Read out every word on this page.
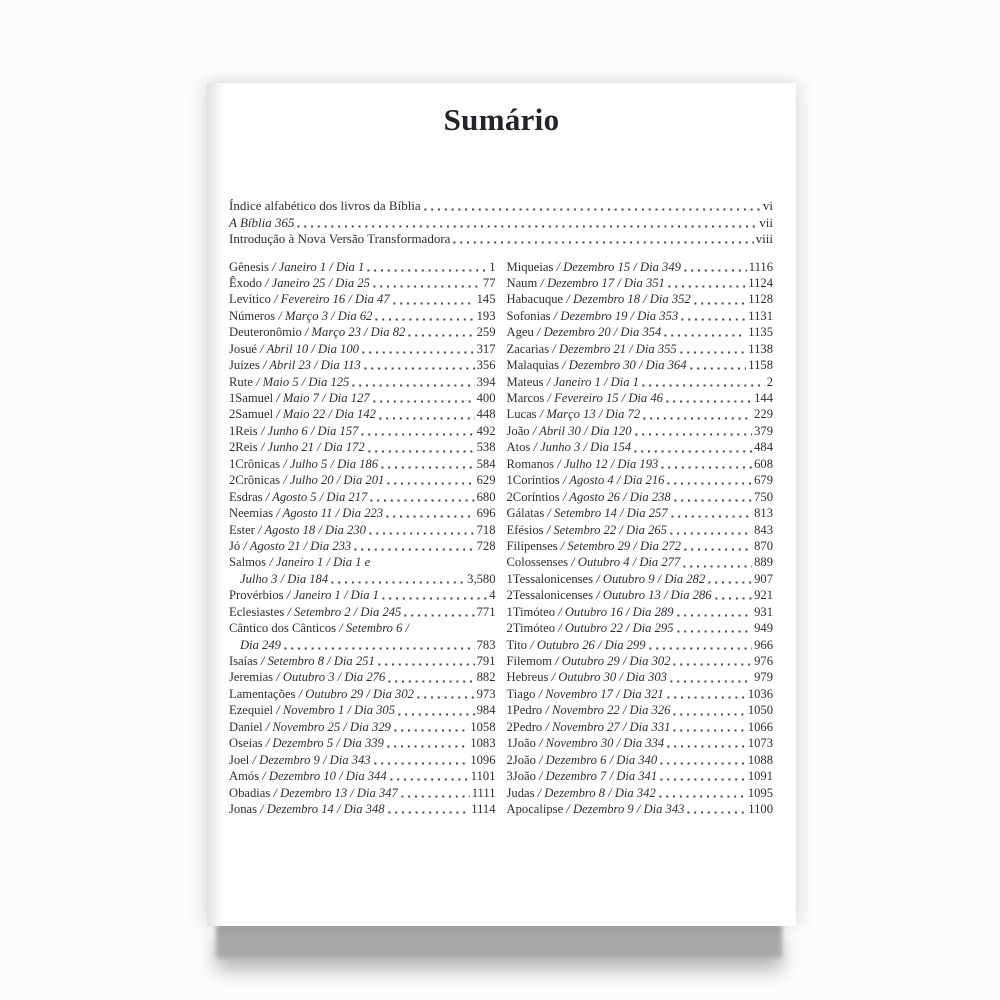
Sumário
Índice alfabético dos livros da Bíblia	vi
A Bíblia 365	vii
Introdução à Nova Versão Transformadora	viii
Gênesis / Janeiro 1 / Dia 1	1
Êxodo / Janeiro 25 / Dia 25	77
Levítico / Fevereiro 16 / Dia 47	145
Números / Março 3 / Dia 62	193
Deuteronômio / Março 23 / Dia 82	259
Josué / Abril 10 / Dia 100	317
Juízes / Abril 23 / Dia 113	356
Rute / Maio 5 / Dia 125	394
1Samuel / Maio 7 / Dia 127	400
2Samuel / Maio 22 / Dia 142	448
1Reis / Junho 6 / Dia 157	492
2Reis / Junho 21 / Dia 172	538
1Crônicas / Julho 5 / Dia 186	584
2Crônicas / Julho 20 / Dia 201	629
Esdras / Agosto 5 / Dia 217	680
Neemias / Agosto 11 / Dia 223	696
Ester / Agosto 18 / Dia 230	718
Jó / Agosto 21 / Dia 233	728
Salmos / Janeiro 1 / Dia 1 e
Julho 3 / Dia 184	3,580
Provérbios / Janeiro 1 / Dia 1	4
Eclesiastes / Setembro 2 / Dia 245	771
Cântico dos Cânticos / Setembro 6 /
Dia 249	783
Isaías / Setembro 8 / Dia 251	791
Jeremias / Outubro 3 / Dia 276	882
Lamentações / Outubro 29 / Dia 302	973
Ezequiel / Novembro 1 / Dia 305	984
Daniel / Novembro 25 / Dia 329	1058
Oseias / Dezembro 5 / Dia 339	1083
Joel / Dezembro 9 / Dia 343	1096
Amós / Dezembro 10 / Dia 344	1101
Obadias / Dezembro 13 / Dia 347	1111
Jonas / Dezembro 14 / Dia 348	1114
Miqueias / Dezembro 15 / Dia 349	1116
Naum / Dezembro 17 / Dia 351	1124
Habacuque / Dezembro 18 / Dia 352	1128
Sofonias / Dezembro 19 / Dia 353	1131
Ageu / Dezembro 20 / Dia 354	1135
Zacarias / Dezembro 21 / Dia 355	1138
Malaquias / Dezembro 30 / Dia 364	1158
Mateus / Janeiro 1 / Dia 1	2
Marcos / Fevereiro 15 / Dia 46	144
Lucas / Março 13 / Dia 72	229
João / Abril 30 / Dia 120	379
Atos / Junho 3 / Dia 154	484
Romanos / Julho 12 / Dia 193	608
1Coríntios / Agosto 4 / Dia 216	679
2Coríntios / Agosto 26 / Dia 238	750
Gálatas / Setembro 14 / Dia 257	813
Efésios / Setembro 22 / Dia 265	843
Filipenses / Setembro 29 / Dia 272	870
Colossenses / Outubro 4 / Dia 277	889
1Tessalonicenses / Outubro 9 / Dia 282	907
2Tessalonicenses / Outubro 13 / Dia 286	921
1Timóteo / Outubro 16 / Dia 289	931
2Timóteo / Outubro 22 / Dia 295	949
Tito / Outubro 26 / Dia 299	966
Filemom / Outubro 29 / Dia 302	976
Hebreus / Outubro 30 / Dia 303	979
Tiago / Novembro 17 / Dia 321	1036
1Pedro / Novembro 22 / Dia 326	1050
2Pedro / Novembro 27 / Dia 331	1066
1João / Novembro 30 / Dia 334	1073
2João / Dezembro 6 / Dia 340	1088
3João / Dezembro 7 / Dia 341	1091
Judas / Dezembro 8 / Dia 342	1095
Apocalipse / Dezembro 9 / Dia 343	1100
